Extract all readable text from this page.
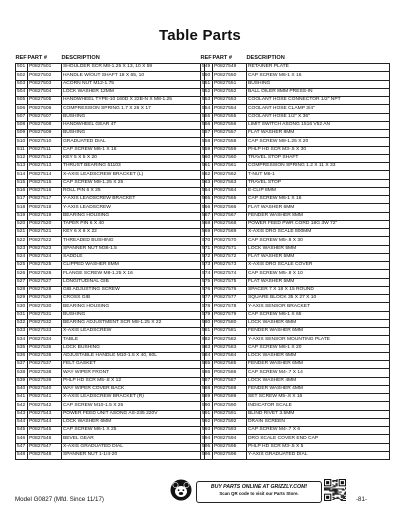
Table Parts
REF	PART #	DESCRIPTION
501	P0827501	SHOULDER SCR M8-1.25 X 13, 10 X 59
502	P0827502	HANDLE W/OUT SHAFT 18 X 65, 10
503	P0827503	ACORN NUT M12-1.75
504	P0827504	LOCK WASHER 12MM
505	P0827505	HANDWHEEL TYPE-10 160D X 22B-N X M8-1.25
506	P0827506	COMPRESSION SPRING 1.7 X 26 X 17
507	P0827507	BUSHING
508	P0827508	HANDWHEEL GEAR 4T
509	P0827509	BUSHING
510	P0827510	GRADUATED DIAL
511	P0827511	CAP SCREW M6-1 X 16
512	P0827512	KEY 5 X 5 X 20
513	P0827513	THRUST BEARING 51103
514	P0827514	X-AXIS LEADSCREW BRACKET (L)
515	P0827515	CAP SCREW M8-1.25 X 25
516	P0827516	ROLL PIN 6 X 25
517	P0827517	Y-AXIS LEADSCREW BRACKET
518	P0827518	Y-AXIS LEADSCREW
519	P0827519	BEARING HOUSING
520	P0827520	TAPER PIN 6 X 40
521	P0827521	KEY 6 X 6 X 22
522	P0827522	THREADED BUSHING
523	P0827523	SPANNER NUT M36-1.5
524	P0827524	SADDLE
525	P0827525	CLIPPED WASHER 8MM
526	P0827526	FLANGE SCREW M8-1.25 X 16
527	P0827527	LONGITUDINAL GIB
528	P0827528	GIB ADJUSTING SCREW
529	P0827529	CROSS GIB
530	P0827530	BEARING HOUSING
531	P0827531	BUSHING
532	P0827532	BEARING ADJUSTMENT SCR M8-1.25 X 22
533	P0827533	X-AXIS LEADSCREW
534	P0827534	TABLE
535	P0827535	LOCK BUSHING
536	P0827536	ADJUSTABLE HANDLE M10-1.5 X 40, 60L
537	P0827537	FELT GASKET
538	P0827538	WAY WIPER FRONT
539	P0827539	PHLP HD SCR M5-.8 X 12
540	P0827540	WAY WIPER COVER BACK
541	P0827541	X-AXIS LEADSCREW BRACKET (R)
542	P0827542	CAP SCREW M10-1.5 X 25
543	P0827543	POWER FEED UNIT ASONG AS-235 220V
544	P0827544	LOCK WASHER 6MM
545	P0827545	CAP SCREW M6-1 X 25
546	P0827546	BEVEL GEAR
547	P0827547	X-AXIS GRADUATED DIAL
548	P0827548	SPANNER NUT 1-1/4-20
REF	PART #	DESCRIPTION
549	P0827549	RETAINER PLATE
550	P0827550	CAP SCREW M6-1 X 16
551	P0827551	BUSHING
552	P0827552	BALL OILER 8MM PRESS-IN
553	P0827553	COOLANT HOSE CONNECTOR 1/2" NPT
554	P0827554	COOLANT HOSE CLAMP 3/4"
555	P0827555	COOLANT HOSE 1/2" X 36"
556	P0827556	LIMIT SWITCH ASONG 1516 V52 AN
557	P0827557	FLAT WASHER 8MM
558	P0827558	CAP SCREW M8-1.25 X 20
559	P0827559	PHLP HD SCR M3-.5 X 30
560	P0827560	TRAVEL STOP SHAFT
561	P0827561	COMPRESSION SPRING 1.2 X 11 X 33
562	P0827562	T-NUT M6-1
563	P0827563	TRAVEL STOP
564	P0827564	E-CLIP 8MM
565	P0827565	CAP SCREW M6-1 X 16
566	P0827566	FLAT WASHER 6MM
567	P0827567	FENDER WASHER 8MM
568	P0827568	POWER FEED PWR CORD 18G 3W 72"
569	P0827569	X-AXIS DRO SCALE 800MM
570	P0827570	CAP SCREW M5-.8 X 30
571	P0827571	LOCK WASHER 5MM
572	P0827572	FLAT WASHER 5MM
573	P0827573	X-AXIS DRO SCALE COVER
574	P0827574	CAP SCREW M5-.8 X 10
575	P0827575	FLAT WASHER 5MM
576	P0827576	SPACER 7 X 18 X 15 ROUND
577	P0827577	SQUARE BLOCK 35 X 27 X 10
578	P0827578	Y-AXIS SENSOR BRACKET
579	P0827579	CAP SCREW M6-1 X 65
580	P0827580	LOCK WASHER 6MM
581	P0827581	FENDER WASHER 6MM
582	P0827582	Y-AXIS SENSOR MOUNTING PLATE
583	P0827583	CAP SCREW M6-1 X 20
584	P0827584	LOCK WASHER 6MM
585	P0827585	FENDER WASHER 6MM
586	P0827586	CAP SCREW M4-.7 X 14
587	P0827587	LOCK WASHER 4MM
588	P0827588	FENDER WASHER 4MM
589	P0827589	SET SCREW M5-.8 X 16
590	P0827590	INDICATOR SCALE
591	P0827591	BLIND RIVET 3.5MM
592	P0827592	DRAIN SCREEN
593	P0827593	CAP SCREW M4-.7 X 6
594	P0827594	DRO SCALE COVER END CAP
595	P0827595	PHLP HD SCR M3-.5 X 5
596	P0827596	Y-AXIS GRADUATED DIAL
Model G0827 (Mfd. Since 11/17)
BUY PARTS ONLINE AT GRIZZLY.COM!
Scan QR code to visit our Parts Store.
-81-
